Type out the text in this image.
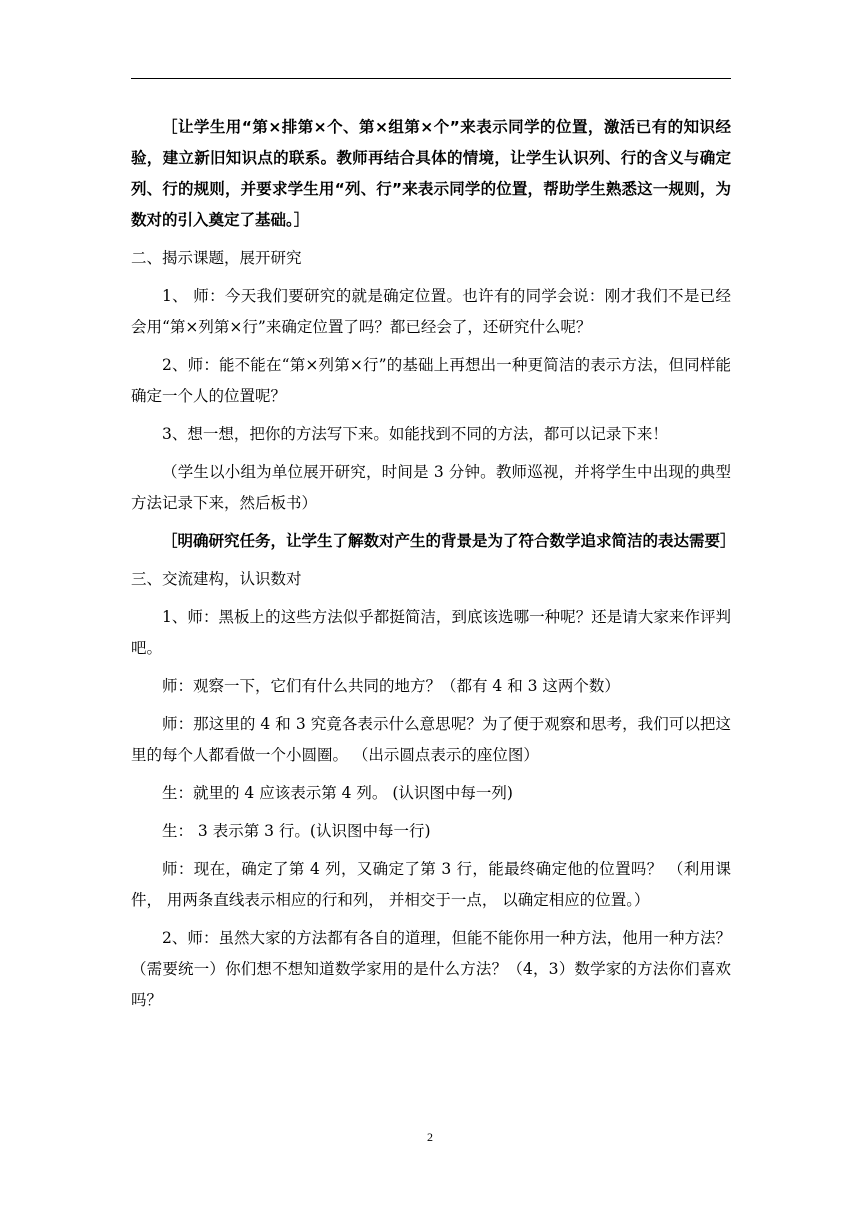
［让学生用“第×排第×个、第×组第×个”来表示同学的位置，激活已有的知识经验，建立新旧知识点的联系。教师再结合具体的情境，让学生认识列、行的含义与确定列、行的规则，并要求学生用“列、行”来表示同学的位置，帮助学生熟悉这一规则，为数对的引入奠定了基础。］

二、揭示课题，展开研究

1、 师：今天我们要研究的就是确定位置。也许有的同学会说：刚才我们不是已经会用“第×列第×行”来确定位置了吗？都已经会了，还研究什么呢？

2、师：能不能在“第×列第×行”的基础上再想出一种更简洁的表示方法，但同样能确定一个人的位置呢？

3、想一想，把你的方法写下来。如能找到不同的方法，都可以记录下来！

（学生以小组为单位展开研究，时间是 3 分钟。教师巡视，并将学生中出现的典型方法记录下来，然后板书）

［明确研究任务，让学生了解数对产生的背景是为了符合数学追求简洁的表达需要］

三、交流建构，认识数对

1、师：黑板上的这些方法似乎都挺简洁，到底该选哪一种呢？还是请大家来作评判吧。

师：观察一下，它们有什么共同的地方？（都有 4 和 3 这两个数）

师：那这里的 4 和 3 究竟各表示什么意思呢？为了便于观察和思考，我们可以把这 里的每个人都看做一个小圆圈。 （出示圆点表示的座位图）

生：就里的 4 应该表示第 4 列。 (认识图中每一列)

生： 3 表示第 3 行。(认识图中每一行)

师：现在，确定了第 4 列，又确定了第 3 行，能最终确定他的位置吗？ （利用课件， 用两条直线表示相应的行和列， 并相交于一点， 以确定相应的位置。）

2、师：虽然大家的方法都有各自的道理，但能不能你用一种方法，他用一种方法？（需要统一）你们想不想知道数学家用的是什么方法？（4，3）数学家的方法你们喜欢吗？

2
